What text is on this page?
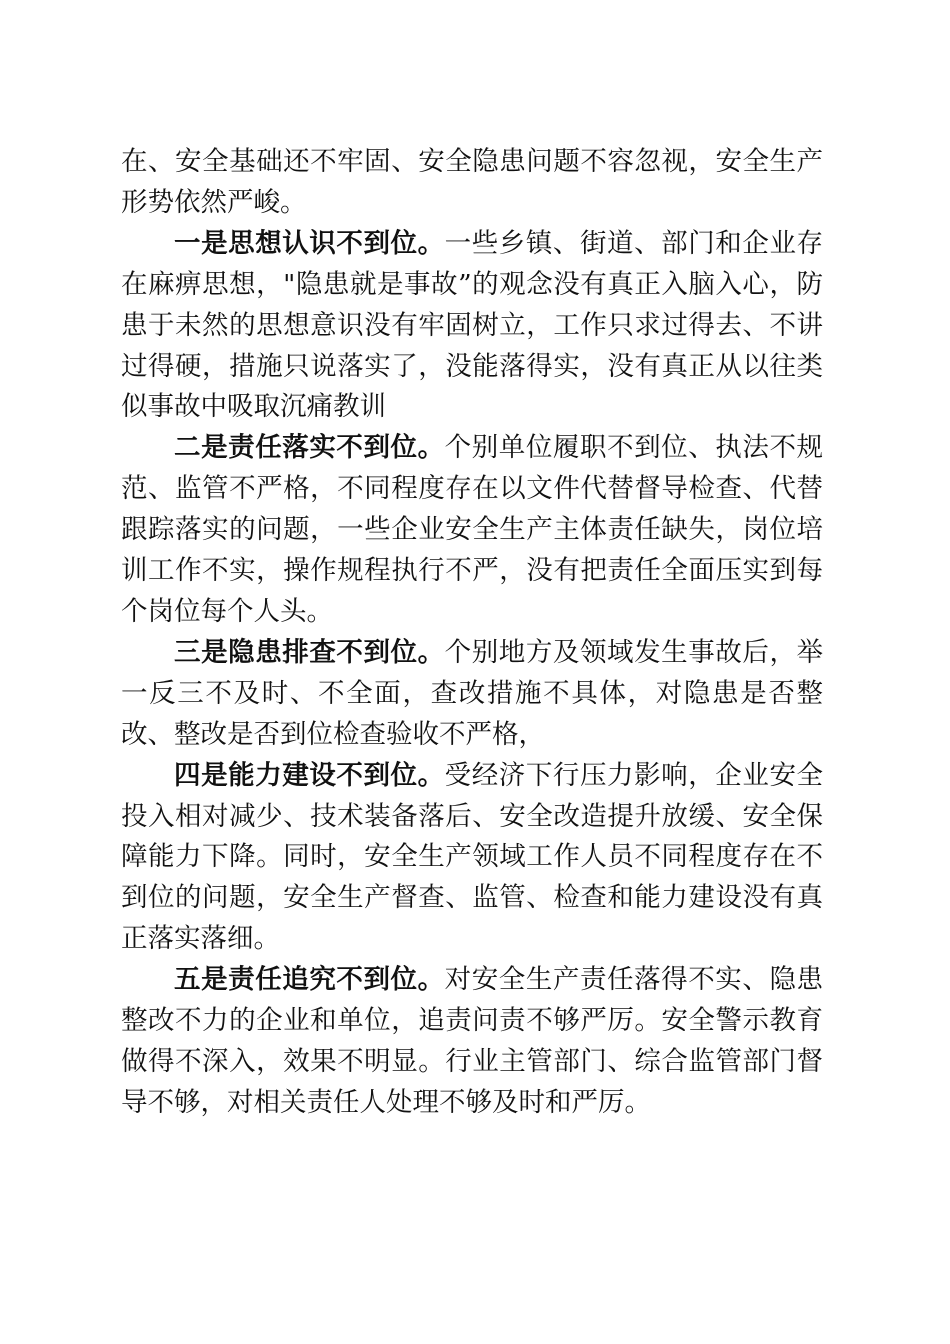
在、安全基础还不牢固、安全隐患问题不容忽视，安全生产形势依然严峻。

一是思想认识不到位。一些乡镇、街道、部门和企业存在麻痹思想，"隐患就是事故”的观念没有真正入脑入心，防患于未然的思想意识没有牢固树立，工作只求过得去、不讲过得硬，措施只说落实了，没能落得实，没有真正从以往类似事故中吸取沉痛教训

二是责任落实不到位。个别单位履职不到位、执法不规范、监管不严格，不同程度存在以文件代替督导检查、代替跟踪落实的问题，一些企业安全生产主体责任缺失，岗位培训工作不实，操作规程执行不严，没有把责任全面压实到每个岗位每个人头。

三是隐患排查不到位。个别地方及领域发生事故后，举一反三不及时、不全面，查改措施不具体，对隐患是否整改、整改是否到位检查验收不严格，

四是能力建设不到位。受经济下行压力影响，企业安全投入相对减少、技术装备落后、安全改造提升放缓、安全保障能力下降。同时，安全生产领域工作人员不同程度存在不到位的问题，安全生产督查、监管、检查和能力建设没有真正落实落细。

五是责任追究不到位。对安全生产责任落得不实、隐患整改不力的企业和单位，追责问责不够严厉。安全警示教育做得不深入，效果不明显。行业主管部门、综合监管部门督导不够，对相关责任人处理不够及时和严厉。
